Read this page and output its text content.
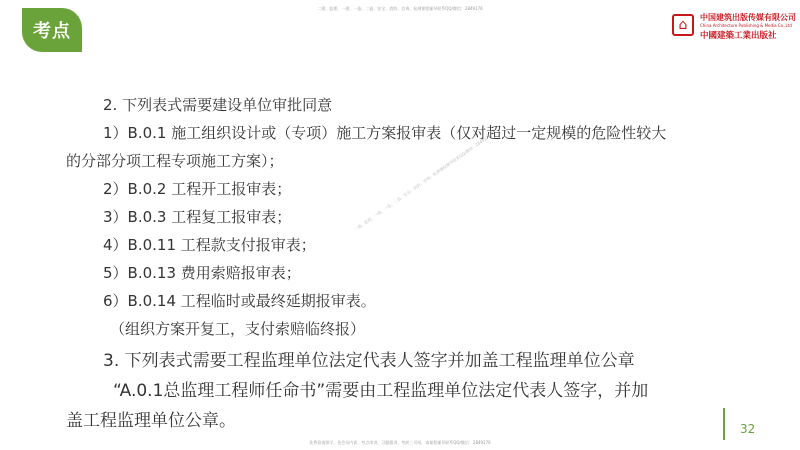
二建、监理、一建、一造、二造、安全、消防、咨询、检测课程辅导联系QQ/微信：2849176
考点	⌂	中国建筑出版传媒有限公司
China Architecture Publishing & Media Co.,Ltd
中國建築工業出版社
2. 下列表式需要建设单位审批同意
1）B.0.1 施工组织设计或（专项）施工方案报审表（仅对超过一定规模的危险性较大
的分部分项工程专项施工方案）；
2）B.0.2 工程开工报审表；
3）B.0.3 工程复工报审表；
4）B.0.11 工程款支付报审表；
5）B.0.13 费用索赔报审表；
6）B.0.14 工程临时或最终延期报审表。
（组织方案开复工，支付索赔临终报）
3. 下列表式需要工程监理单位法定代表人签字并加盖工程监理单位公章
“A.0.1总监理工程师任命书”需要由工程监理单位法定代表人签字，并加
盖工程监理单位公章。
二建、监理、一建、一造、二造、安全、消防、咨询、检测课程辅导联系QQ/微信：2849176
32
免费看视频学、免会员内训、考点串讲、习题精讲、考前三页纸，请课程辅导联系QQ/微信：2849176
